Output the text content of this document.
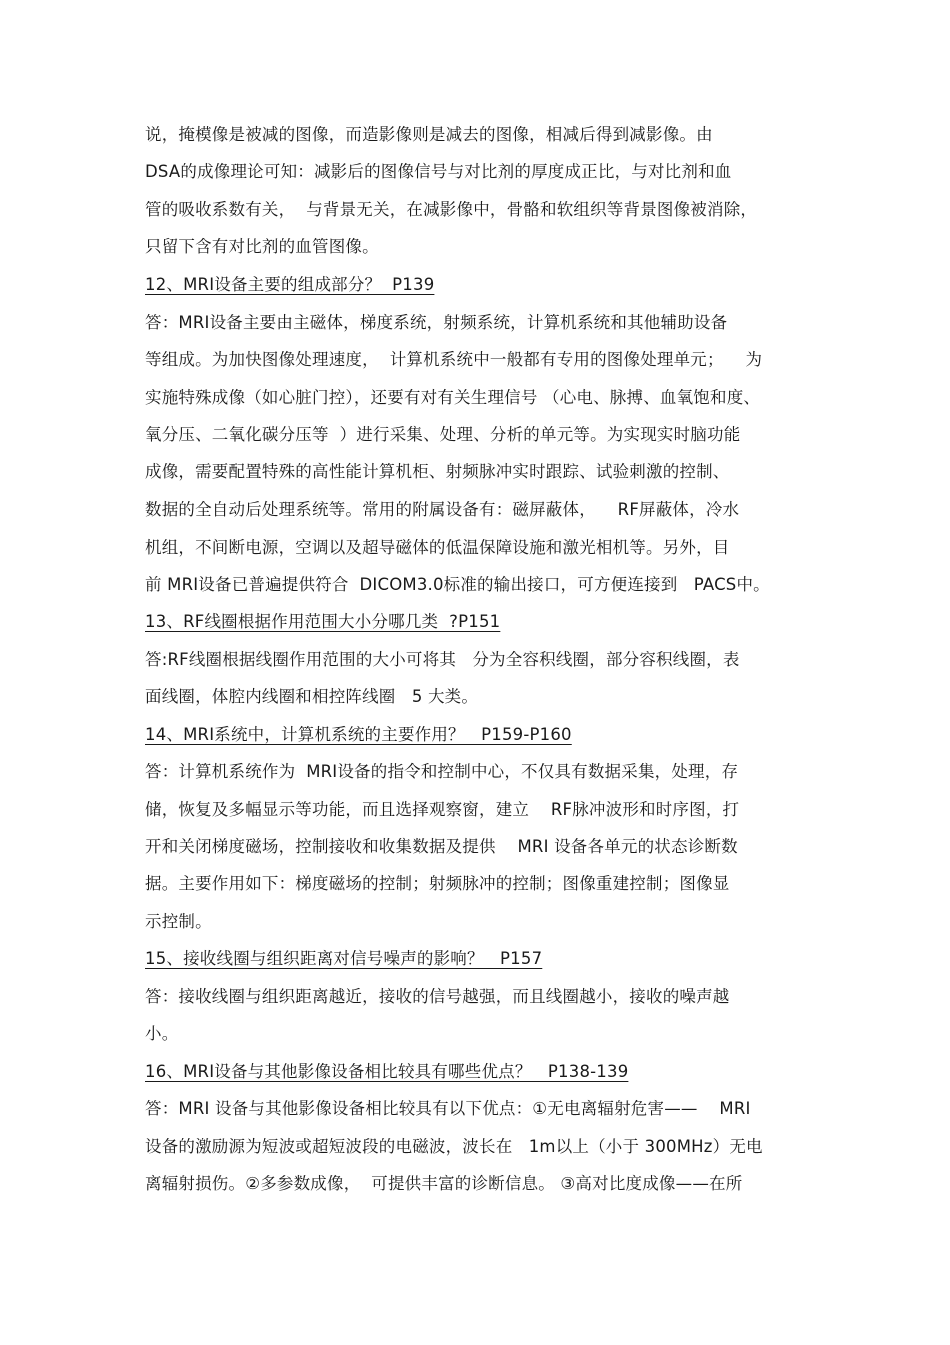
说，掩模像是被减的图像，而造影像则是减去的图像，相减后得到减影像。由
DSA的成像理论可知：减影后的图像信号与对比剂的厚度成正比，与对比剂和血
管的吸收系数有关，  与背景无关，在减影像中，骨骼和软组织等背景图像被消除，
只留下含有对比剂的血管图像。
12、MRI设备主要的组成部分？  P139
答：MRI设备主要由主磁体，梯度系统，射频系统，计算机系统和其他辅助设备
等组成。为加快图像处理速度，  计算机系统中一般都有专用的图像处理单元；    为
实施特殊成像（如心脏门控），还要有对有关生理信号 （心电、脉搏、血氧饱和度、
氧分压、二氧化碳分压等  ）进行采集、处理、分析的单元等。为实现实时脑功能
成像，需要配置特殊的高性能计算机柜、射频脉冲实时跟踪、试验刺激的控制、
数据的全自动后处理系统等。常用的附属设备有：磁屏蔽体，    RF屏蔽体，冷水
机组，不间断电源，空调以及超导磁体的低温保障设施和激光相机等。另外，目
前 MRI设备已普遍提供符合  DICOM3.0标准的输出接口，可方便连接到   PACS中。
13、RF线圈根据作用范围大小分哪几类  ?P151
答:RF线圈根据线圈作用范围的大小可将其   分为全容积线圈，部分容积线圈，表
面线圈，体腔内线圈和相控阵线圈   5 大类。
14、MRI系统中，计算机系统的主要作用？   P159-P160
答：计算机系统作为  MRI设备的指令和控制中心，不仅具有数据采集，处理，存
储，恢复及多幅显示等功能，而且选择观察窗，建立    RF脉冲波形和时序图，打
开和关闭梯度磁场，控制接收和收集数据及提供    MRI 设备各单元的状态诊断数
据。主要作用如下：梯度磁场的控制；射频脉冲的控制；图像重建控制；图像显
示控制。
15、接收线圈与组织距离对信号噪声的影响？   P157
答：接收线圈与组织距离越近，接收的信号越强，而且线圈越小，接收的噪声越
小。
16、MRI设备与其他影像设备相比较具有哪些优点？   P138-139
答：MRI 设备与其他影像设备相比较具有以下优点：①无电离辐射危害——    MRI
设备的激励源为短波或超短波段的电磁波，波长在   1m以上（小于 300MHz）无电
离辐射损伤。②多参数成像，  可提供丰富的诊断信息。 ③高对比度成像——在所
